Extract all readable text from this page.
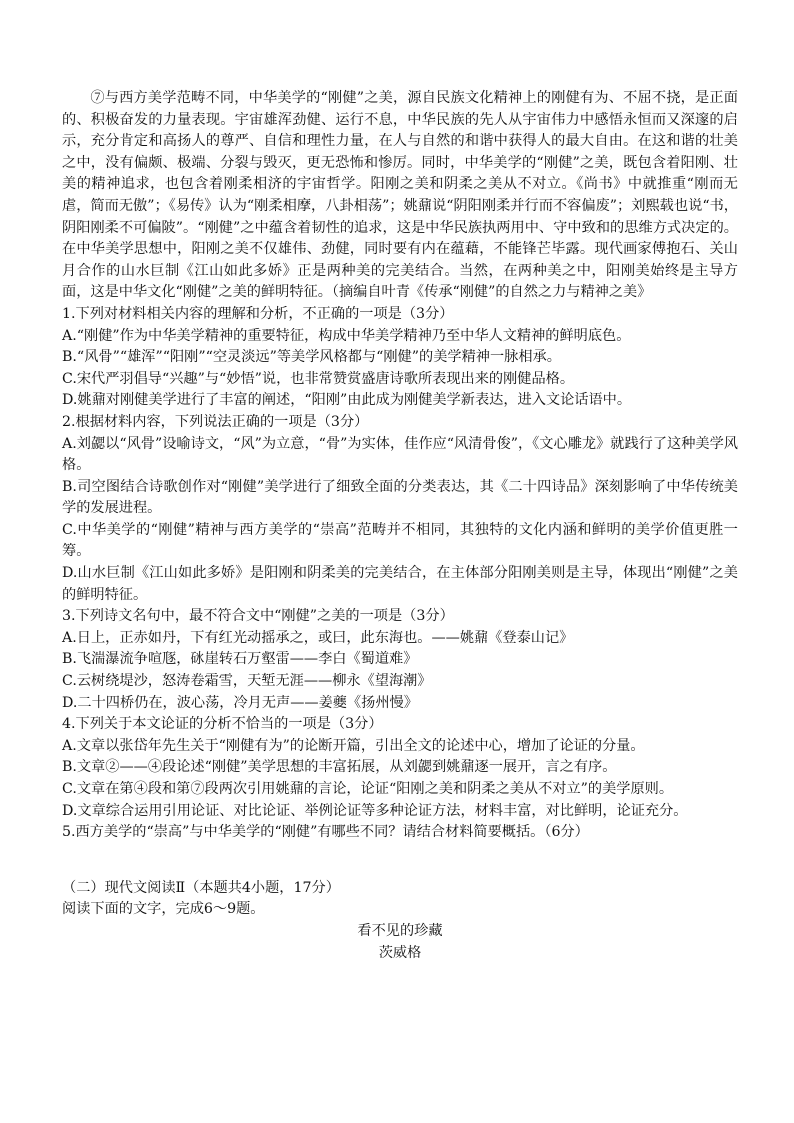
⑦与西方美学范畴不同，中华美学的“刚健”之美，源自民族文化精神上的刚健有为、不屈不挠，是正面的、积极奋发的力量表现。宇宙雄浑劲健、运行不息，中华民族的先人从宇宙伟力中感悟永恒而又深邃的启示，充分肯定和高扬人的尊严、自信和理性力量，在人与自然的和谐中获得人的最大自由。在这和谐的壮美之中，没有偏颇、极端、分裂与毁灭，更无恐怖和惨厉。同时，中华美学的“刚健”之美，既包含着阳刚、壮美的精神追求，也包含着刚柔相济的宇宙哲学。阳刚之美和阴柔之美从不对立。《尚书》中就推重“刚而无虐，简而无傲”；《易传》认为“刚柔相摩，八卦相荡”；姚鼐说“阴阳刚柔并行而不容偏废”；刘熙载也说“书，阴阳刚柔不可偏陂”。“刚健”之中蕴含着韧性的追求，这是中华民族执两用中、守中致和的思维方式决定的。在中华美学思想中，阳刚之美不仅雄伟、劲健，同时要有内在蕴藉，不能锋芒毕露。现代画家傅抱石、关山月合作的山水巨制《江山如此多娇》正是两种美的完美结合。当然，在两种美之中，阳刚美始终是主导方面，这是中华文化“刚健”之美的鲜明特征。（摘编自叶青《传承“刚健”的自然之力与精神之美》

1.下列对材料相关内容的理解和分析，不正确的一项是（3分）

A.“刚健”作为中华美学精神的重要特征，构成中华美学精神乃至中华人文精神的鲜明底色。

B.“风骨”“雄浑”“阳刚”“空灵淡远”等美学风格都与“刚健”的美学精神一脉相承。

C.宋代严羽倡导“兴趣”与“妙悟”说，也非常赞赏盛唐诗歌所表现出来的刚健品格。

D.姚鼐对刚健美学进行了丰富的阐述，“阳刚”由此成为刚健美学新表达，进入文论话语中。

2.根据材料内容，下列说法正确的一项是（3分）

A.刘勰以“风骨”设喻诗文，“风”为立意，“骨”为实体，佳作应“风清骨俊”，《文心雕龙》就践行了这种美学风格。

B.司空图结合诗歌创作对“刚健”美学进行了细致全面的分类表达，其《二十四诗品》深刻影响了中华传统美学的发展进程。

C.中华美学的“刚健”精神与西方美学的“崇高”范畴并不相同，其独特的文化内涵和鲜明的美学价值更胜一筹。

D.山水巨制《江山如此多娇》是阳刚和阴柔美的完美结合，在主体部分阳刚美则是主导，体现出“刚健”之美的鲜明特征。

3.下列诗文名句中，最不符合文中“刚健”之美的一项是（3分）

A.日上，正赤如丹，下有红光动摇承之，或曰，此东海也。——姚鼐《登泰山记》

B.飞湍瀑流争喧豗，砯崖转石万壑雷——李白《蜀道难》

C.云树绕堤沙，怒涛卷霜雪，天堑无涯——柳永《望海潮》

D.二十四桥仍在，波心荡，冷月无声——姜夔《扬州慢》

4.下列关于本文论证的分析不恰当的一项是（3分）

A.文章以张岱年先生关于“刚健有为”的论断开篇，引出全文的论述中心，增加了论证的分量。

B.文章②——④段论述“刚健”美学思想的丰富拓展，从刘勰到姚鼐逐一展开，言之有序。

C.文章在第④段和第⑦段两次引用姚鼐的言论，论证“阳刚之美和阴柔之美从不对立”的美学原则。

D.文章综合运用引用论证、对比论证、举例论证等多种论证方法，材料丰富，对比鲜明，论证充分。

5.西方美学的“崇高”与中华美学的“刚健”有哪些不同？请结合材料简要概括。（6分）

（二）现代文阅读Ⅱ（本题共4小题，17分）

阅读下面的文字，完成6～9题。

看不见的珍藏

茨威格
